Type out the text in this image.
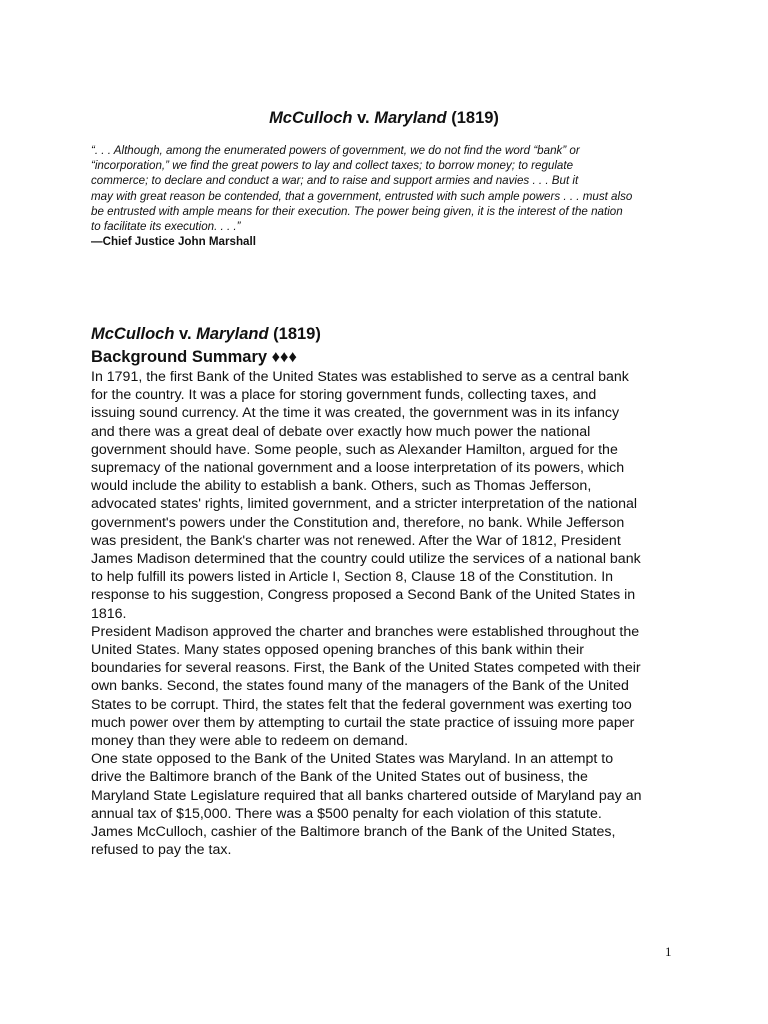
McCulloch v. Maryland (1819)

“. . . Although, among the enumerated powers of government, we do not find the word “bank” or
“incorporation,” we find the great powers to lay and collect taxes; to borrow money; to regulate
commerce; to declare and conduct a war; and to raise and support armies and navies . . . But it
may with great reason be contended, that a government, entrusted with such ample powers . . . must also
be entrusted with ample means for their execution. The power being given, it is the interest of the nation
to facilitate its execution. . . .”

—Chief Justice John Marshall

McCulloch v. Maryland (1819)
Background Summary ♦♦♦

In 1791, the first Bank of the United States was established to serve as a central bank
for the country. It was a place for storing government funds, collecting taxes, and
issuing sound currency. At the time it was created, the government was in its infancy
and there was a great deal of debate over exactly how much power the national
government should have. Some people, such as Alexander Hamilton, argued for the
supremacy of the national government and a loose interpretation of its powers, which
would include the ability to establish a bank. Others, such as Thomas Jefferson,
advocated states' rights, limited government, and a stricter interpretation of the national
government's powers under the Constitution and, therefore, no bank. While Jefferson
was president, the Bank's charter was not renewed. After the War of 1812, President
James Madison determined that the country could utilize the services of a national bank
to help fulfill its powers listed in Article I, Section 8, Clause 18 of the Constitution. In
response to his suggestion, Congress proposed a Second Bank of the United States in
1816.

President Madison approved the charter and branches were established throughout the
United States. Many states opposed opening branches of this bank within their
boundaries for several reasons. First, the Bank of the United States competed with their
own banks. Second, the states found many of the managers of the Bank of the United
States to be corrupt. Third, the states felt that the federal government was exerting too
much power over them by attempting to curtail the state practice of issuing more paper
money than they were able to redeem on demand.

One state opposed to the Bank of the United States was Maryland. In an attempt to
drive the Baltimore branch of the Bank of the United States out of business, the
Maryland State Legislature required that all banks chartered outside of Maryland pay an
annual tax of $15,000. There was a $500 penalty for each violation of this statute.
James McCulloch, cashier of the Baltimore branch of the Bank of the United States,
refused to pay the tax.

1
